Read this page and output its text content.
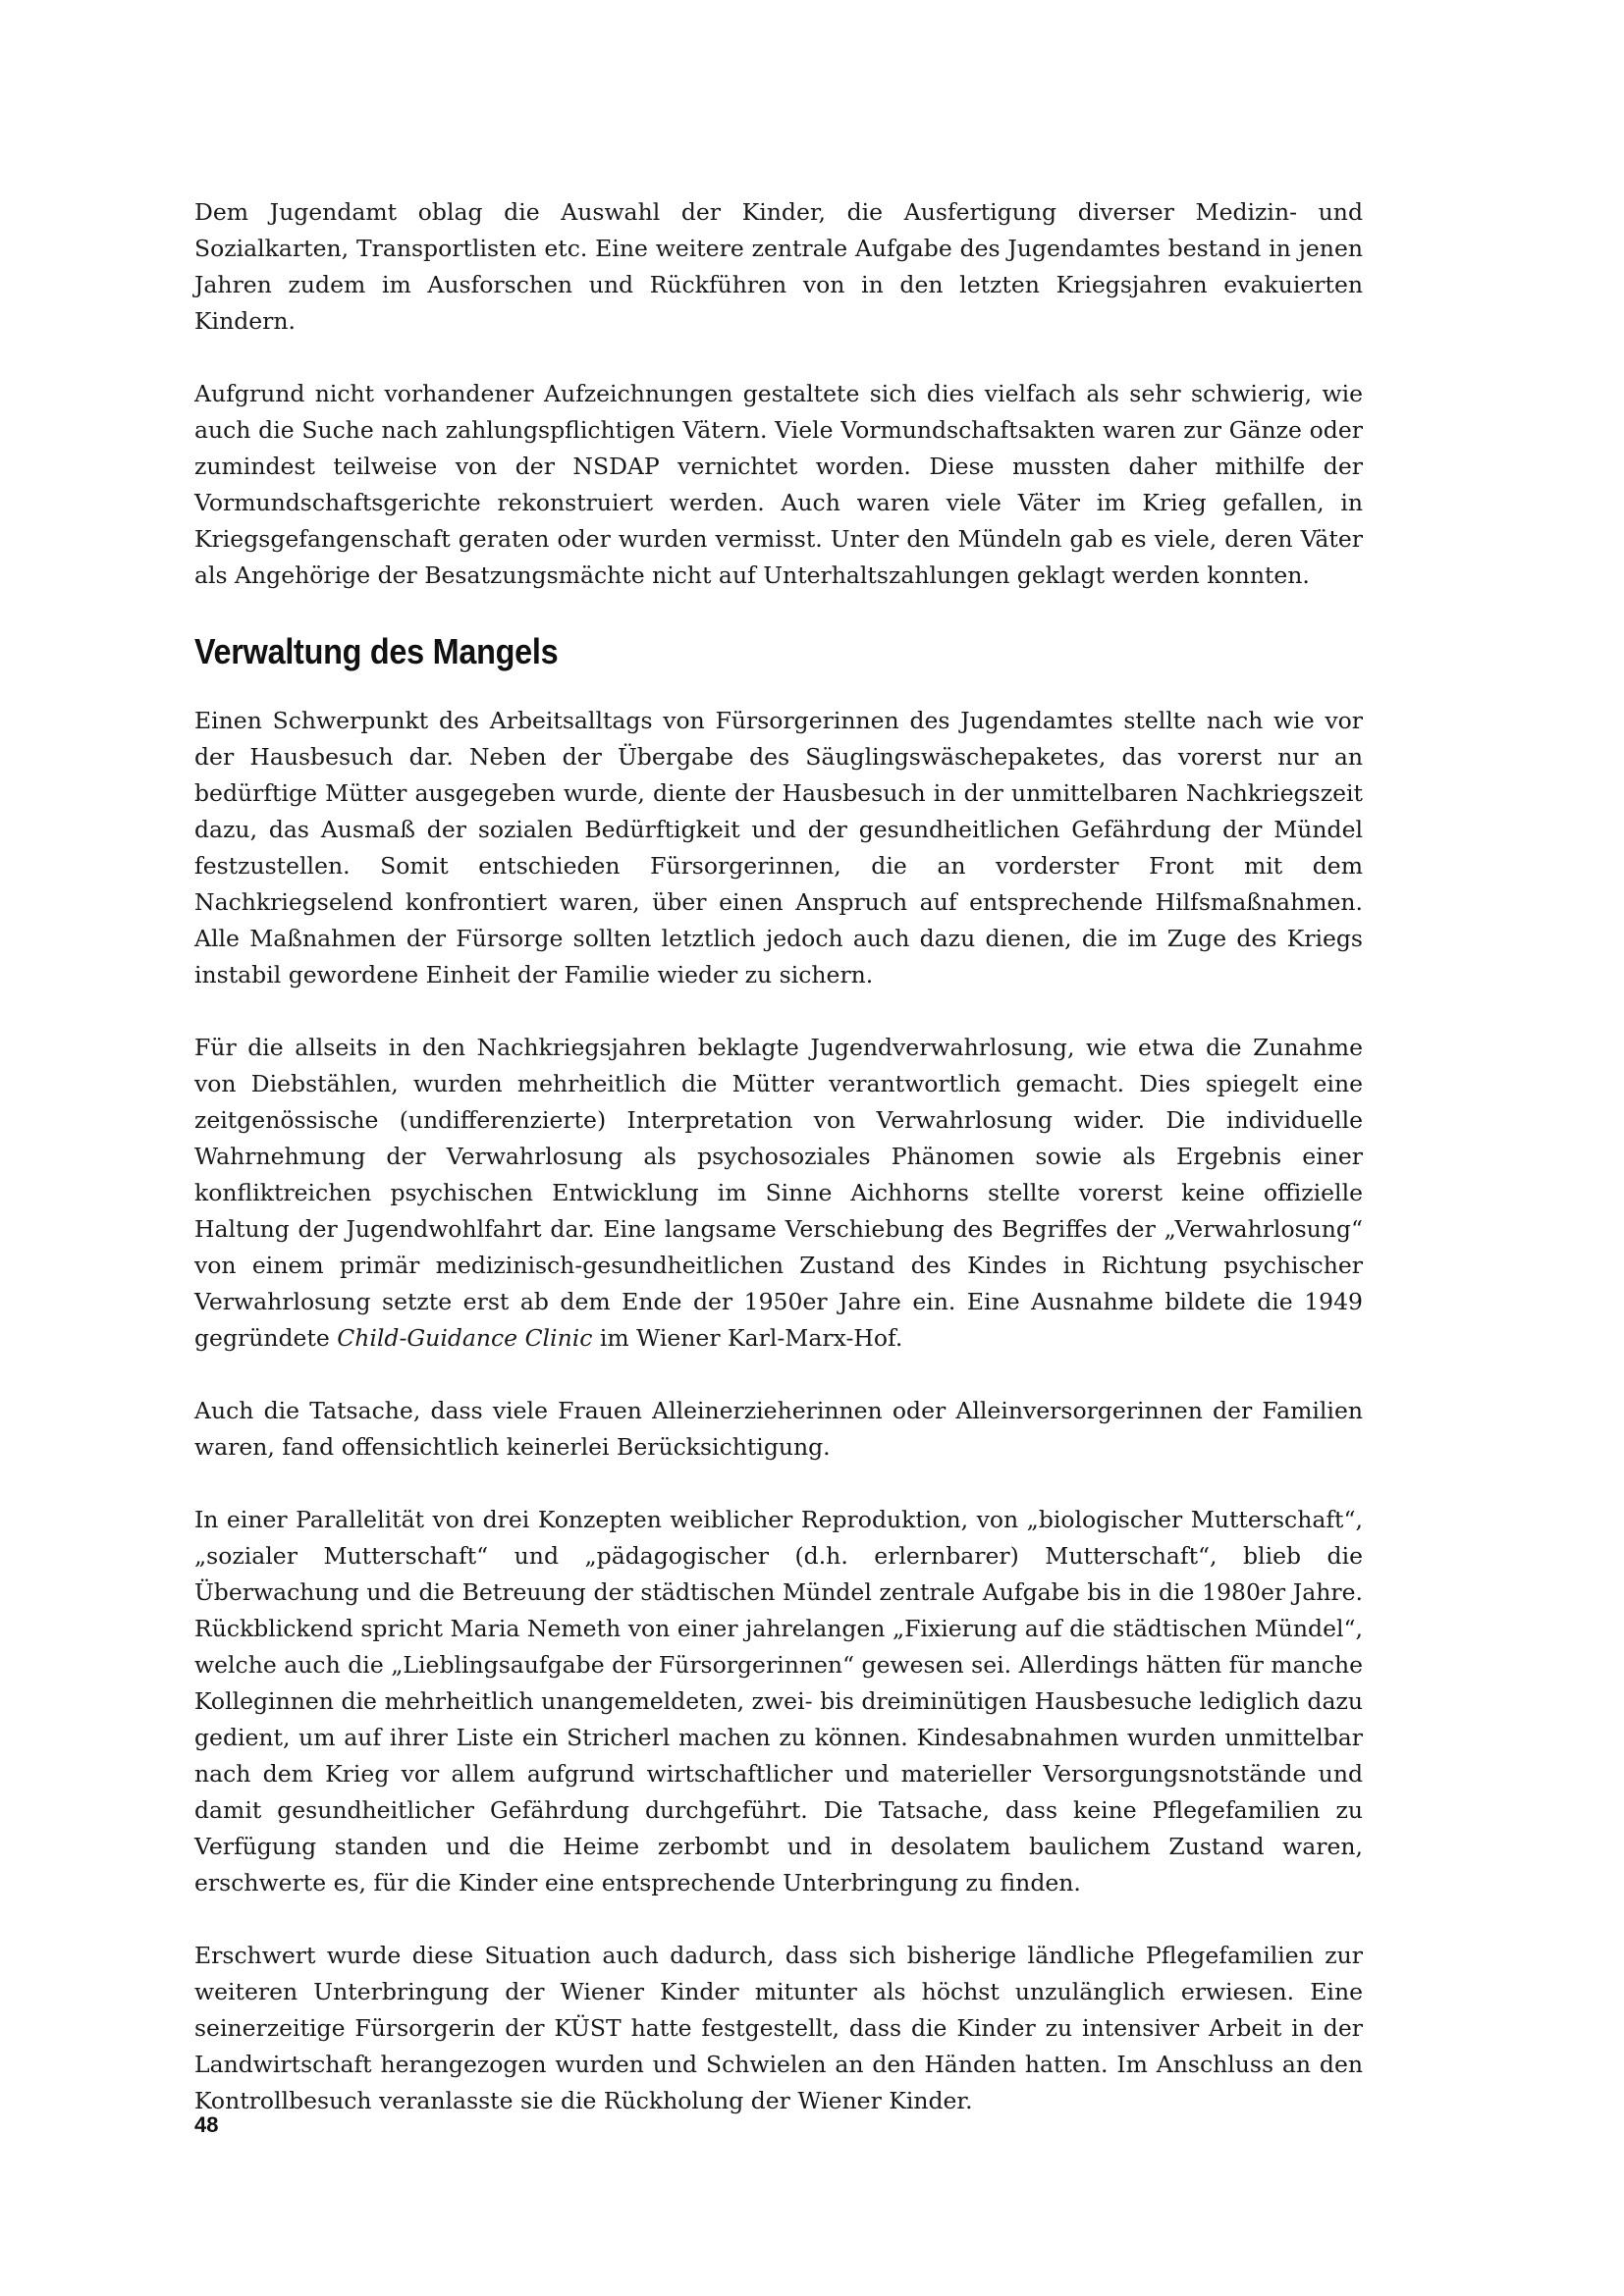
Dem Jugendamt oblag die Auswahl der Kinder, die Ausfertigung diverser Medizin- und Sozialkarten, Transportlisten etc. Eine weitere zentrale Aufgabe des Jugendamtes bestand in jenen Jahren zudem im Ausforschen und Rückführen von in den letzten Kriegsjahren evakuierten Kindern.

Aufgrund nicht vorhandener Aufzeichnungen gestaltete sich dies vielfach als sehr schwierig, wie auch die Suche nach zahlungspflichtigen Vätern. Viele Vormundschaftsakten waren zur Gänze oder zumindest teilweise von der NSDAP vernichtet worden. Diese mussten daher mithilfe der Vormundschaftsgerichte rekonstruiert werden. Auch waren viele Väter im Krieg gefallen, in Kriegsgefangenschaft geraten oder wurden vermisst. Unter den Mündeln gab es viele, deren Väter als Angehörige der Besatzungsmächte nicht auf Unterhaltszahlungen geklagt werden konnten.

Verwaltung des Mangels

Einen Schwerpunkt des Arbeitsalltags von Fürsorgerinnen des Jugendamtes stellte nach wie vor der Hausbesuch dar. Neben der Übergabe des Säuglingswäschepaketes, das vorerst nur an bedürftige Mütter ausgegeben wurde, diente der Hausbesuch in der unmittelbaren Nachkriegszeit dazu, das Ausmaß der sozialen Bedürftigkeit und der gesundheitlichen Gefährdung der Mündel festzustellen. Somit entschieden Fürsorgerinnen, die an vorderster Front mit dem Nachkriegselend konfrontiert waren, über einen Anspruch auf entsprechende Hilfsmaßnahmen. Alle Maßnahmen der Fürsorge sollten letztlich jedoch auch dazu dienen, die im Zuge des Kriegs instabil gewordene Einheit der Familie wieder zu sichern.

Für die allseits in den Nachkriegsjahren beklagte Jugendverwahrlosung, wie etwa die Zunahme von Diebstählen, wurden mehrheitlich die Mütter verantwortlich gemacht. Dies spiegelt eine zeitgenössische (undifferenzierte) Interpretation von Verwahrlosung wider. Die individuelle Wahrnehmung der Verwahrlosung als psychosoziales Phänomen sowie als Ergebnis einer konfliktreichen psychischen Entwicklung im Sinne Aichhorns stellte vorerst keine offizielle Haltung der Jugendwohlfahrt dar. Eine langsame Verschiebung des Begriffes der „Verwahrlosung“ von einem primär medizinisch-gesundheitlichen Zustand des Kindes in Richtung psychischer Verwahrlosung setzte erst ab dem Ende der 1950er Jahre ein. Eine Ausnahme bildete die 1949 gegründete Child-Guidance Clinic im Wiener Karl-Marx-Hof.

Auch die Tatsache, dass viele Frauen Alleinerzieherinnen oder Alleinversorgerinnen der Familien waren, fand offensichtlich keinerlei Berücksichtigung.

In einer Parallelität von drei Konzepten weiblicher Reproduktion, von „biologischer Mutterschaft“, „sozialer Mutterschaft“ und „pädagogischer (d.h. erlernbarer) Mutterschaft“, blieb die Überwachung und die Betreuung der städtischen Mündel zentrale Aufgabe bis in die 1980er Jahre. Rückblickend spricht Maria Nemeth von einer jahrelangen „Fixierung auf die städtischen Mündel“, welche auch die „Lieblingsaufgabe der Fürsorgerinnen“ gewesen sei. Allerdings hätten für manche Kolleginnen die mehrheitlich unangemeldeten, zwei- bis dreiminütigen Hausbesuche lediglich dazu gedient, um auf ihrer Liste ein Stricherl machen zu können. Kindesabnahmen wurden unmittelbar nach dem Krieg vor allem aufgrund wirtschaftlicher und materieller Versorgungsnotstände und damit gesundheitlicher Gefährdung durchgeführt. Die Tatsache, dass keine Pflegefamilien zu Verfügung standen und die Heime zerbombt und in desolatem baulichem Zustand waren, erschwerte es, für die Kinder eine entsprechende Unterbringung zu finden.

Erschwert wurde diese Situation auch dadurch, dass sich bisherige ländliche Pflegefamilien zur weiteren Unterbringung der Wiener Kinder mitunter als höchst unzulänglich erwiesen. Eine seinerzeitige Fürsorgerin der KÜST hatte festgestellt, dass die Kinder zu intensiver Arbeit in der Landwirtschaft herangezogen wurden und Schwielen an den Händen hatten. Im Anschluss an den Kontrollbesuch veranlasste sie die Rückholung der Wiener Kinder.

48
